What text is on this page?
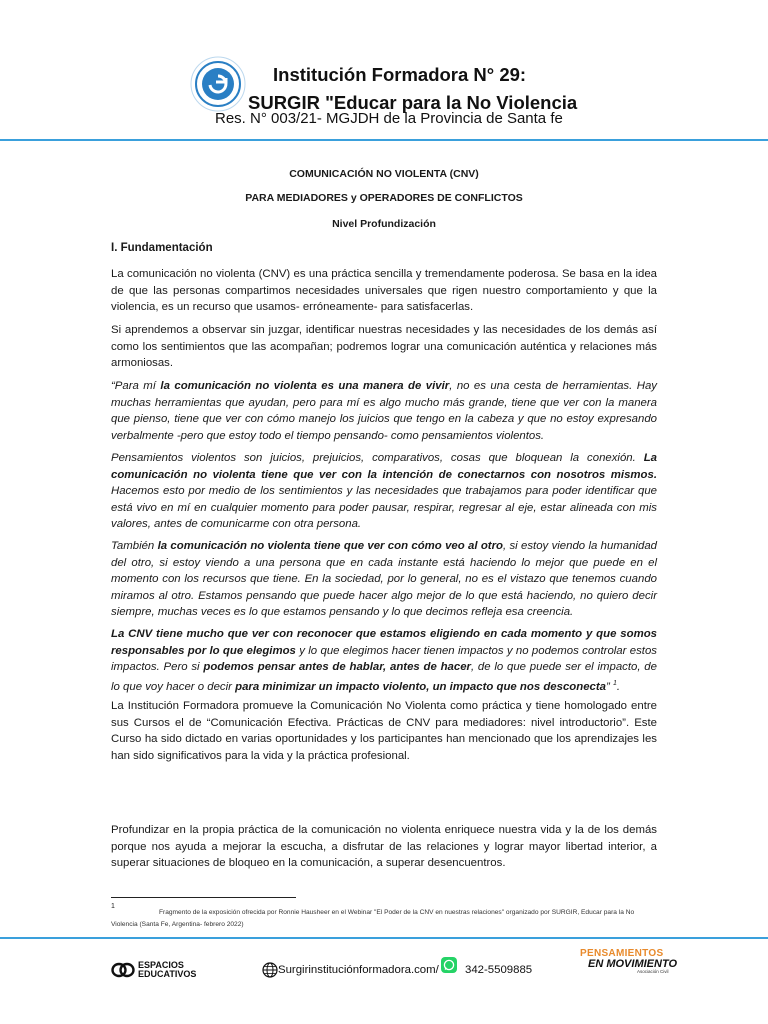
Institución Formadora N° 29:
SURGIR "Educar para la No Violencia
Res. N° 003/21- MGJDH de la Provincia de Santa fe
COMUNICACIÓN NO VIOLENTA (CNV)
PARA MEDIADORES y OPERADORES DE CONFLICTOS
Nivel Profundización
I. Fundamentación

La comunicación no violenta (CNV) es una práctica sencilla y tremendamente poderosa. Se basa en la idea de que las personas compartimos necesidades universales que rigen nuestro comportamiento y que la violencia, es un recurso que usamos- erróneamente- para satisfacerlas.

Si aprendemos a observar sin juzgar, identificar nuestras necesidades y las necesidades de los demás así como los sentimientos que las acompañan; podremos lograr una comunicación auténtica y relaciones más armoniosas.

“Para mí la comunicación no violenta es una manera de vivir, no es una cesta de herramientas. Hay muchas herramientas que ayudan, pero para mí es algo mucho más grande, tiene que ver con la manera que pienso, tiene que ver con cómo manejo los juicios que tengo en la cabeza y que no estoy expresando verbalmente -pero que estoy todo el tiempo pensando- como pensamientos violentos.

Pensamientos violentos son juicios, prejuicios, comparativos, cosas que bloquean la conexión. La comunicación no violenta tiene que ver con la intención de conectarnos con nosotros mismos. Hacemos esto por medio de los sentimientos y las necesidades que trabajamos para poder identificar que está vivo en mí en cualquier momento para poder pausar, respirar, regresar al eje, estar alineada con mis valores, antes de comunicarme con otra persona.

También la comunicación no violenta tiene que ver con cómo veo al otro, si estoy viendo la humanidad del otro, si estoy viendo a una persona que en cada instante está haciendo lo mejor que puede en el momento con los recursos que tiene. En la sociedad, por lo general, no es el vistazo que tenemos cuando miramos al otro. Estamos pensando que puede hacer algo mejor de lo que está haciendo, no quiero decir siempre, muchas veces es lo que estamos pensando y lo que decimos refleja esa creencia.

La CNV tiene mucho que ver con reconocer que estamos eligiendo en cada momento y que somos responsables por lo que elegimos y lo que elegimos hacer tienen impactos y no podemos controlar estos impactos. Pero si podemos pensar antes de hablar, antes de hacer, de lo que puede ser el impacto, de lo que voy hacer o decir para minimizar un impacto violento, un impacto que nos desconecta” $^1$.

La Institución Formadora promueve la Comunicación No Violenta como práctica y tiene homologado entre sus Cursos el de “Comunicación Efectiva. Prácticas de CNV para mediadores: nivel introductorio”. Este Curso ha sido dictado en varias oportunidades y los participantes han mencionado que los aprendizajes les han sido significativos para la vida y la práctica profesional.

Profundizar en la propia práctica de la comunicación no violenta enriquece nuestra vida y la de los demás porque nos ayuda a mejorar la escucha, a disfrutar de las relaciones y lograr mayor libertad interior, a superar situaciones de bloqueo en la comunicación, a superar desencuentros.

1
Fragmento de la exposición ofrecida por Ronnie Hausheer en el Webinar "El Poder de la CNV en nuestras relaciones" organizado por SURGIR, Educar para la No Violencia (Santa Fe, Argentina- febrero 2022)
ESPACIOS
EDUCATIVOS	Surgirinstituciónformadora.com/ 342-5509885
PENSAMIENTOS
EN MOVIMIENTO
Asociación Civil
